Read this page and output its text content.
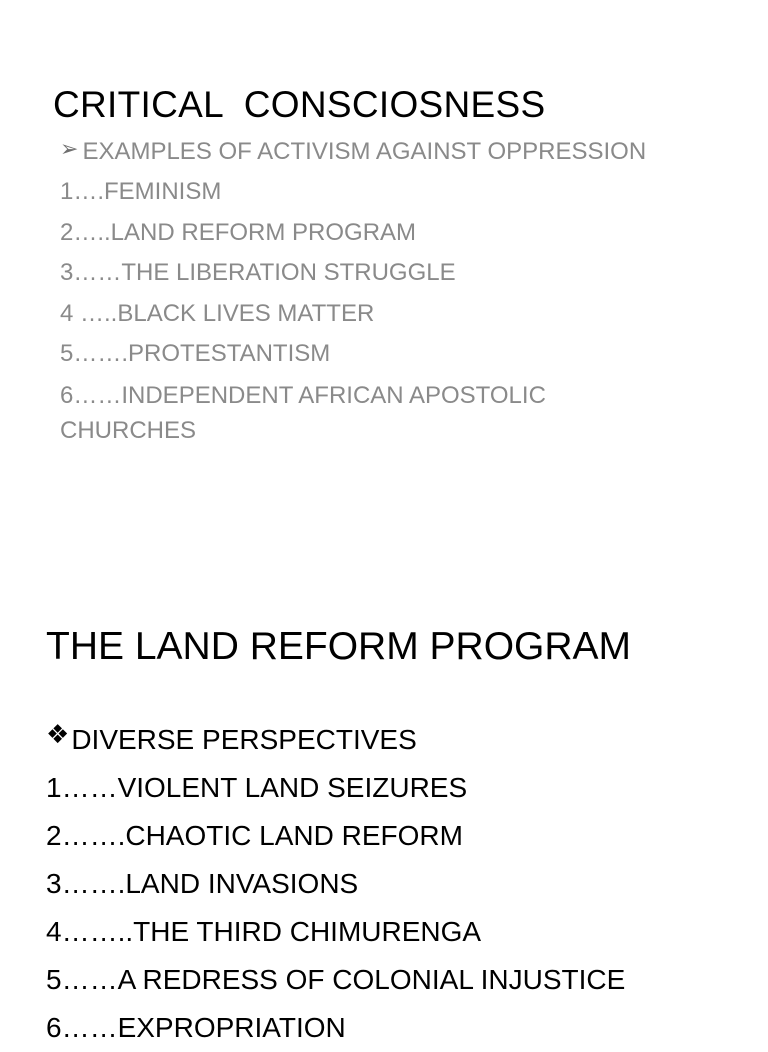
CRITICAL  CONSCIOSNESS
➢ EXAMPLES OF ACTIVISM AGAINST OPPRESSION
1….FEMINISM
2…..LAND REFORM PROGRAM
3……THE LIBERATION STRUGGLE
4 …..BLACK LIVES MATTER
5…….PROTESTANTISM
6……INDEPENDENT AFRICAN APOSTOLIC CHURCHES
THE LAND REFORM PROGRAM
❖ DIVERSE PERSPECTIVES
1……VIOLENT LAND SEIZURES
2…….CHAOTIC LAND REFORM
3…….LAND INVASIONS
4……..THE THIRD CHIMURENGA
5……A REDRESS OF COLONIAL INJUSTICE
6……EXPROPRIATION
